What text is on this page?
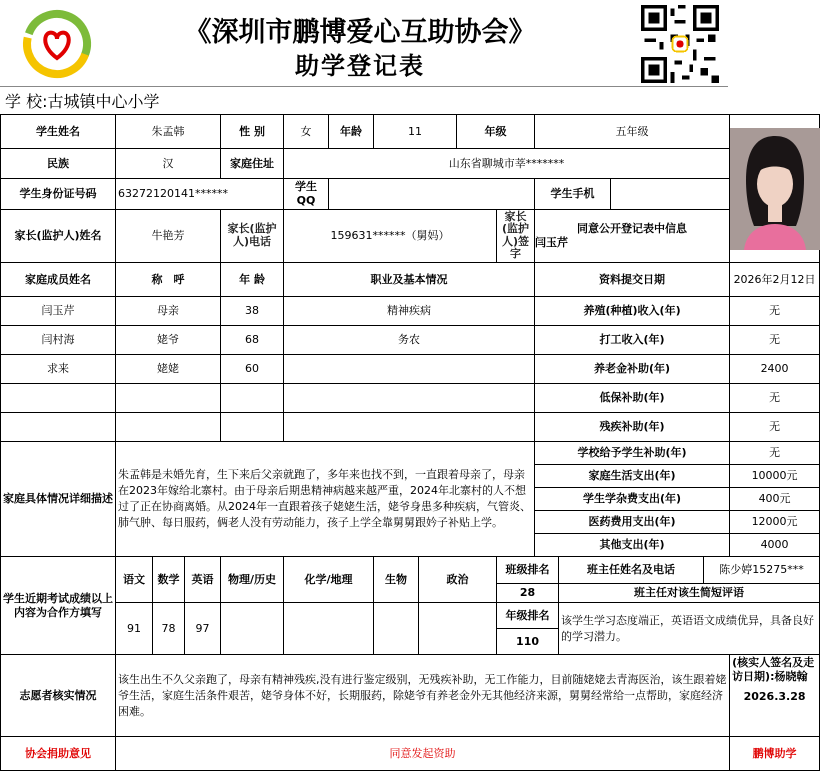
《深圳市鹏博爱心互助协会》
助学登记表
学 校:古城镇中心小学
学生姓名	朱孟韩			性 别	女	年龄	11		年级		五年级	

民族	汉			家庭住址	山东省聊城市莘*******										
学生身份证号码	63272120141******				学生QQ						学生手机				
家长(监护人)姓名	牛艳芳			家长(监护人)电话	159631******（舅妈）					家长(监护人)签字	同意公开登记表中信息
闫玉芹				

家庭成员姓名	称　呼			年 龄	职业及基本情况						资料提交日期				2026年2月12日
闫玉芹	母亲			38	精神疾病						养殖(种植)收入(年)				无
闫村海	姥爷			68	务农						打工收入(年)				无
求来	姥姥			60							养老金补助(年)				2400
											低保补助(年)				无
											残疾补助(年)				无
家庭具体情况详细描述	朱孟韩是未婚先育，生下来后父亲就跑了，多年来也找不到，一直跟着母亲了，母亲在2023年嫁给北寨村。由于母亲后期患精神病越来越严重，2024年北寨村的人不想过了正在协商离婚。从2024年一直跟着孩子姥姥生活，姥爷身患多种疾病，气管炎、肺气肿、每日服药，俩老人没有劳动能力，孩子上学全靠舅舅跟妗子补贴上学。										学校给予学生补助(年)				无
											家庭生活支出(年)				10000元
											学生学杂费支出(年)				400元
											医药费用支出(年)				12000元
											其他支出(年)				4000
学生近期考试成绩以上内容为合作方填写	语文	数学	英语	物理/历史	化学/地理		生物	政治		班级排名		班主任姓名及电话		陈少婷15275***	
										28		班主任对该生简短评语			
	91	78	97							年级排名		该学生学习态度端正，英语语文成绩优异，具备良好的学习潜力。			
										110					
志愿者核实情况	该生出生不久父亲跑了，母亲有精神残疾,没有进行鉴定级别，无残疾补助，无工作能力，目前随姥姥去青海医治，该生跟着姥爷生活，家庭生活条件艰苦，姥爷身体不好，长期服药，除姥爷有养老金外无其他经济来源，舅舅经常给一点帮助，家庭经济困难。														(核实人签名及走访日期):杨晓翰
2026.3.28

协会捐助意见	同意发起资助														鹏博助学
